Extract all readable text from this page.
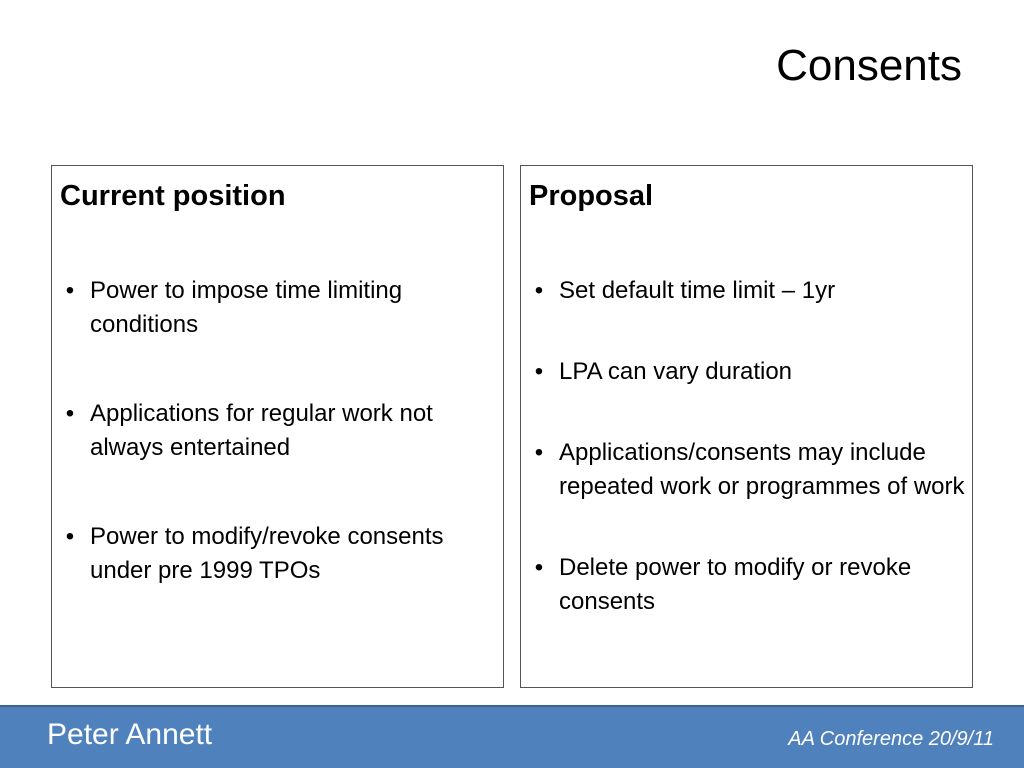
Consents
Current position
• Power to impose time limiting conditions
• Applications for regular work not always entertained
• Power to modify/revoke consents under pre 1999 TPOs
Proposal
• Set default time limit – 1yr
• LPA can vary duration
• Applications/consents may include repeated work or programmes of work
• Delete power to modify or revoke consents
Peter Annett	AA Conference 20/9/11
